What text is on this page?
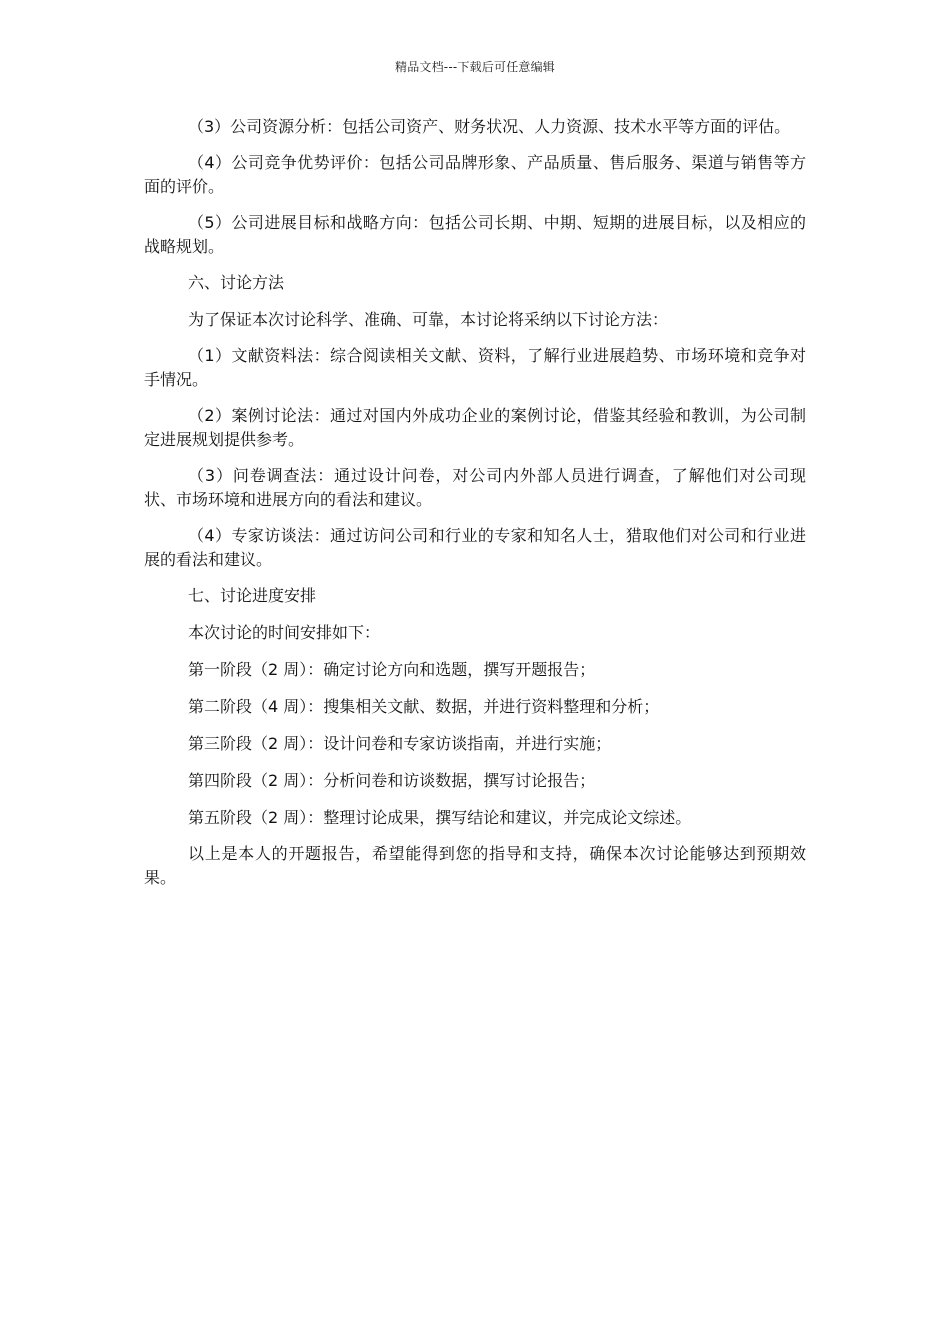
精品文档---下载后可任意编辑

（3）公司资源分析：包括公司资产、财务状况、人力资源、技术水平等方面的评估。

（4）公司竞争优势评价：包括公司品牌形象、产品质量、售后服务、渠道与销售等方面的评价。

（5）公司进展目标和战略方向：包括公司长期、中期、短期的进展目标，以及相应的战略规划。

六、讨论方法

为了保证本次讨论科学、准确、可靠，本讨论将采纳以下讨论方法：

（1）文献资料法：综合阅读相关文献、资料，了解行业进展趋势、市场环境和竞争对手情况。

（2）案例讨论法：通过对国内外成功企业的案例讨论，借鉴其经验和教训，为公司制定进展规划提供参考。

（3）问卷调查法：通过设计问卷，对公司内外部人员进行调查，了解他们对公司现状、市场环境和进展方向的看法和建议。

（4）专家访谈法：通过访问公司和行业的专家和知名人士，猎取他们对公司和行业进展的看法和建议。

七、讨论进度安排

本次讨论的时间安排如下：

第一阶段（2 周）：确定讨论方向和选题，撰写开题报告；

第二阶段（4 周）：搜集相关文献、数据，并进行资料整理和分析；

第三阶段（2 周）：设计问卷和专家访谈指南，并进行实施；

第四阶段（2 周）：分析问卷和访谈数据，撰写讨论报告；

第五阶段（2 周）：整理讨论成果，撰写结论和建议，并完成论文综述。

以上是本人的开题报告，希望能得到您的指导和支持，确保本次讨论能够达到预期效果。
